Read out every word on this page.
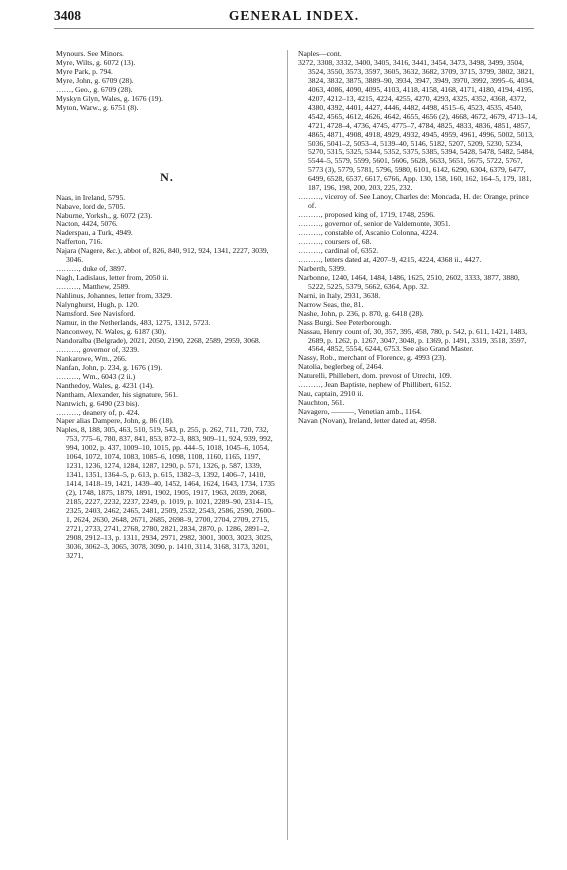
3408	GENERAL INDEX.
Mynours. See Minors.
Myre, Wilts, g. 6072 (13).
Myre Park, p. 794.
Myre, John, g. 6709 (28).
……, Geo., g. 6709 (28).
Myskyn Glyn, Wales, g. 1676 (19).
Myton, Warw., g. 6751 (8).
N.
Naas, in Ireland, 5795.
Nabave, lord de, 5705.
Naburne, Yorksh., g. 6072 (23).
Nacton, 4424, 5076.
Naderspau, a Turk, 4949.
Nafferton, 716.
Najara (Nagere, &c.), abbot of, 826, 840, 912, 924, 1341, 2227, 3039, 3046.
………, duke of, 3897.
Nagh, Ladislaus, letter from, 2050 ii.
………, Matthew, 2589.
Nahlinus, Johannes, letter from, 3329.
Nalynghurst, Hugh, p. 120.
Namsford. See Navisford.
Namur, in the Netherlands, 483, 1275, 1312, 5723.
Nanconwey, N. Wales, g. 6187 (30).
Nandoralba (Belgrade), 2021, 2050, 2190, 2268, 2589, 2959, 3068.
………, governor of, 3239.
Nankarowe, Wm., 266.
Nanfan, John, p. 234, g. 1676 (19).
………, Wm., 6043 (2 ii.)
Nanthedoy, Wales, g. 4231 (14).
Nantham, Alexander, his signature, 561.
Nantwich, g. 6490 (23 bis).
………, deanery of, p. 424.
Naper alias Dampere, John, g. 86 (18).
Naples, 8, 188, 305, 463, 510, 519, 543, p. 255, p. 262, 711, 720, 732, 753, 775–6, 780, 837, 841, 853, 872–3, 883, 909–11, 924, 939, 992, 994, 1002, p. 437, 1009–10, 1015, pp. 444–5, 1018, 1045–6, 1054, 1064, 1072, 1074, 1083, 1085–6, 1098, 1108, 1160, 1165, 1197, 1231, 1236, 1274, 1284, 1287, 1290, p. 571, 1326, p. 587, 1339, 1341, 1351, 1364–5, p. 613, p. 615, 1382–3, 1392, 1406–7, 1410, 1414, 1418–19, 1421, 1439–40, 1452, 1464, 1624, 1643, 1734, 1735 (2), 1748, 1875, 1879, 1891, 1902, 1905, 1917, 1963, 2039, 2068, 2185, 2227, 2232, 2237, 2249, p. 1019, p. 1021, 2289–90, 2314–15, 2325, 2403, 2462, 2465, 2481, 2509, 2532, 2543, 2586, 2590, 2600–1, 2624, 2630, 2648, 2671, 2685, 2698–9, 2700, 2704, 2709, 2715, 2721, 2733, 2741, 2768, 2780, 2821, 2834, 2870, p. 1286, 2891–2, 2908, 2912–13, p. 1311, 2934, 2971, 2982, 3001, 3003, 3023, 3025, 3036, 3062–3, 3065, 3078, 3090, p. 1410, 3114, 3168, 3173, 3201, 3271,
Naples—cont.
3272, 3308, 3332, 3400, 3405, 3416, 3441, 3454, 3473, 3498, 3499, 3504, 3524, 3550, 3573, 3597, 3605, 3632, 3682, 3709, 3715, 3799, 3802, 3821, 3824, 3832, 3875, 3889–90, 3934, 3947, 3949, 3970, 3992, 3995–6, 4034, 4063, 4086, 4090, 4095, 4103, 4118, 4158, 4168, 4171, 4180, 4194, 4195, 4207, 4212–13, 4215, 4224, 4255, 4270, 4293, 4325, 4352, 4368, 4372, 4380, 4392, 4401, 4427, 4446, 4482, 4498, 4515–6, 4523, 4535, 4540, 4542, 4565, 4612, 4626, 4642, 4655, 4656 (2), 4668, 4672, 4679, 4713–14, 4721, 4728–4, 4736, 4745, 4775–7, 4784, 4825, 4833, 4836, 4851, 4857, 4865, 4871, 4908, 4918, 4929, 4932, 4945, 4959, 4961, 4996, 5002, 5013, 5036, 5041–2, 5053–4, 5139–40, 5146, 5182, 5207, 5209, 5230, 5234, 5270, 5315, 5325, 5344, 5352, 5375, 5385, 5394, 5428, 5478, 5482, 5484, 5544–5, 5579, 5599, 5601, 5606, 5628, 5633, 5651, 5675, 5722, 5767, 5773 (3), 5779, 5781, 5796, 5980, 6101, 6142, 6290, 6304, 6379, 6477, 6499, 6528, 6537, 6617, 6766, App. 130, 158, 160, 162, 164–5, 179, 181, 187, 196, 198, 200, 203, 225, 232.
………, viceroy of. See Lanoy, Charles de: Moncada, H. de: Orange, prince of.
………, proposed king of, 1719, 1748, 2596.
………, governor of, senior de Valdemonte, 3051.
………, constable of, Ascanio Colonna, 4224.
………, coursers of, 68.
………, cardinal of, 6352.
………, letters dated at, 4207–9, 4215, 4224, 4368 ii., 4427.
Narberth, 5399.
Narbonne, 1240, 1464, 1484, 1486, 1625, 2510, 2602, 3333, 3877, 3880, 5222, 5225, 5379, 5662, 6364, App. 32.
Narni, in Italy, 2931, 3638.
Narrow Seas, the, 81.
Nashe, John, p. 236, p. 870, g. 6418 (28).
Nass Burgi. See Peterborough.
Nassau, Henry count of, 30, 357, 395, 458, 780, p. 542, p. 611, 1421, 1483, 2689, p. 1262, p. 1267, 3047, 3048, p. 1369, p. 1491, 3319, 3518, 3597, 4564, 4852, 5554, 6244, 6753. See also Grand Master.
Nassy, Rob., merchant of Florence, g. 4993 (23).
Natolia, beglerbeg of, 2464.
Naturelli, Phillebert, dom. prevost of Utrecht, 109.
………, Jean Baptiste, nephew of Phillibert, 6152.
Nau, captain, 2910 ii.
Nauchton, 561.
Navagero, ———, Venetian amb., 1164.
Navan (Novan), Ireland, letter dated at, 4958.
